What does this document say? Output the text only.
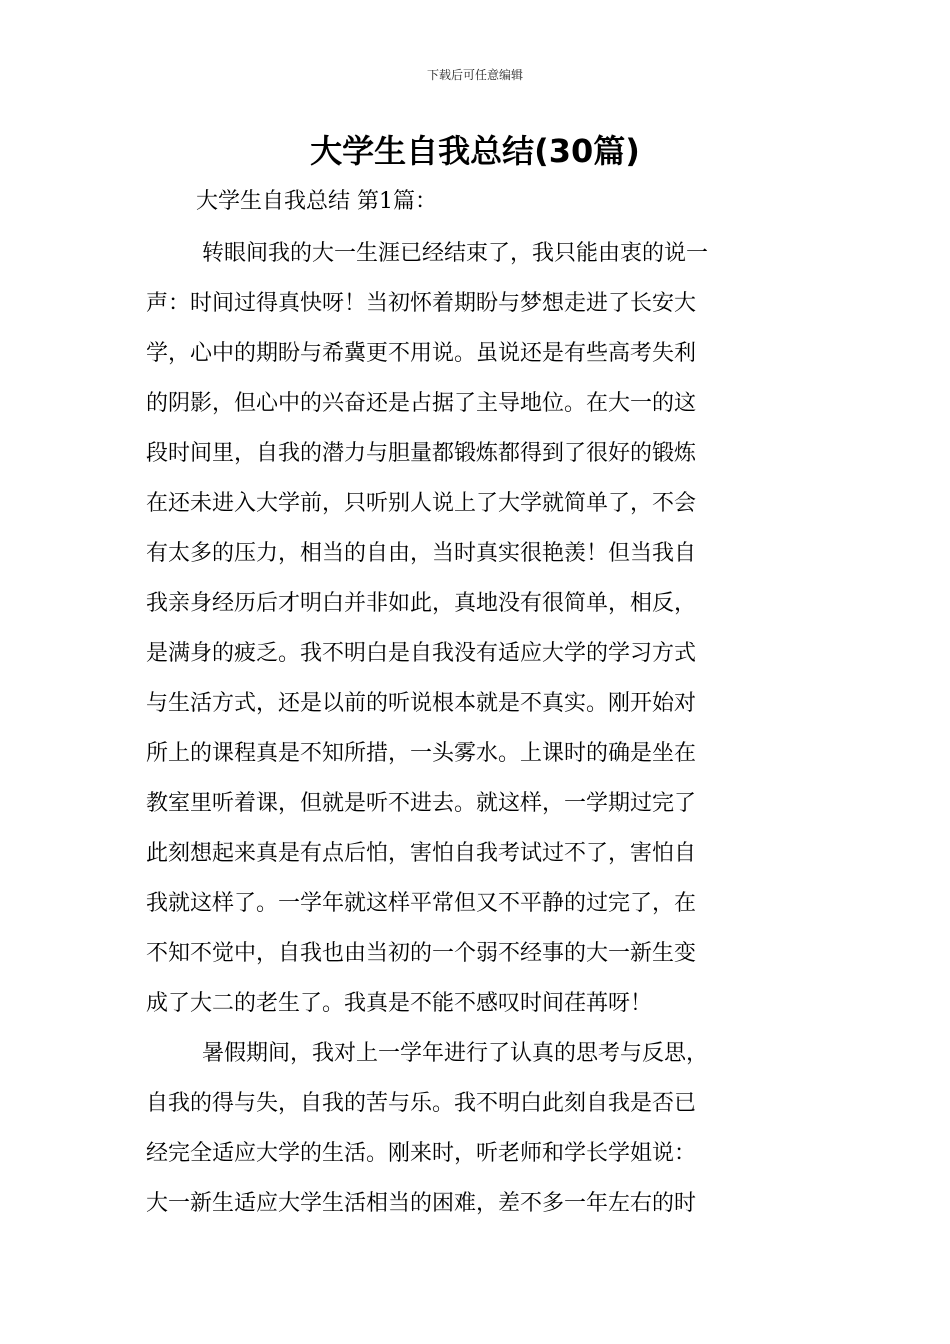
下载后可任意编辑
大学生自我总结(30篇)
大学生自我总结 第1篇：
转眼间我的大一生涯已经结束了，我只能由衷的说一
声：时间过得真快呀！当初怀着期盼与梦想走进了长安大
学，心中的期盼与希冀更不用说。虽说还是有些高考失利
的阴影，但心中的兴奋还是占据了主导地位。在大一的这
段时间里，自我的潜力与胆量都锻炼都得到了很好的锻炼
在还未进入大学前，只听别人说上了大学就简单了，不会
有太多的压力，相当的自由，当时真实很艳羡！但当我自
我亲身经历后才明白并非如此，真地没有很简单，相反，
是满身的疲乏。我不明白是自我没有适应大学的学习方式
与生活方式，还是以前的听说根本就是不真实。刚开始对
所上的课程真是不知所措，一头雾水。上课时的确是坐在
教室里听着课，但就是听不进去。就这样，一学期过完了
此刻想起来真是有点后怕，害怕自我考试过不了，害怕自
我就这样了。一学年就这样平常但又不平静的过完了，在
不知不觉中，自我也由当初的一个弱不经事的大一新生变
成了大二的老生了。我真是不能不感叹时间荏苒呀！
暑假期间，我对上一学年进行了认真的思考与反思，
自我的得与失，自我的苦与乐。我不明白此刻自我是否已
经完全适应大学的生活。刚来时，听老师和学长学姐说：
大一新生适应大学生活相当的困难，差不多一年左右的时
